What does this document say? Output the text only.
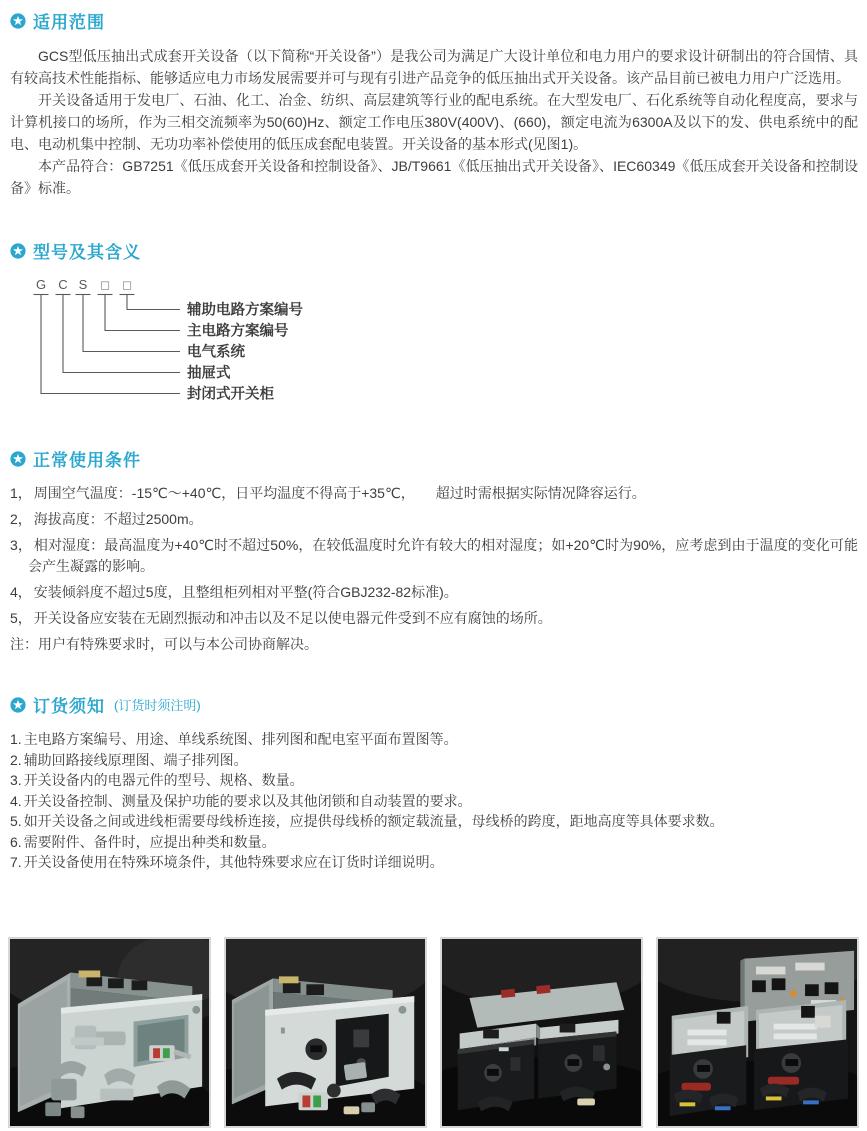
适用范围

GCS型低压抽出式成套开关设备（以下简称“开关设备”）是我公司为满足广大设计单位和电力用户的要求设计研制出的符合国情、具有较高技术性能指标、能够适应电力市场发展需要并可与现有引进产品竞争的低压抽出式开关设备。该产品目前已被电力用户广泛选用。

开关设备适用于发电厂、石油、化工、冶金、纺织、高层建筑等行业的配电系统。在大型发电厂、石化系统等自动化程度高，要求与计算机接口的场所，作为三相交流频率为50(60)Hz、额定工作电压380V(400V)、(660)，额定电流为6300A及以下的发、供电系统中的配电、电动机集中控制、无功功率补偿使用的低压成套配电装置。开关设备的基本形式(见图1)。

本产品符合：GB7251《低压成套开关设备和控制设备》、JB/T9661《低压抽出式开关设备》、IEC60349《低压成套开关设备和控制设备》标准。

型号及其含义
G C S □ □
辅助电路方案编号
主电路方案编号
电气系统
抽屉式
封闭式开关柜
正常使用条件
1， 周围空气温度：-15℃～+40℃，日平均温度不得高于+35℃，　　超过时需根据实际情况降容运行。
2， 海拔高度：不超过2500m。
3， 相对湿度：最高温度为+40℃时不超过50%，在较低温度时允许有较大的相对湿度；如+20℃时为90%，应考虑到由于温度的变化可能会产生凝露的影响。
4， 安装倾斜度不超过5度，且整组柜列相对平整(符合GBJ232-82标准)。
5， 开关设备应安装在无剧烈振动和冲击以及不足以使电器元件受到不应有腐蚀的场所。
注：用户有特殊要求时，可以与本公司协商解决。
订货须知 (订货时须注明)
1. 主电路方案编号、用途、单线系统图、排列图和配电室平面布置图等。
2. 辅助回路接线原理图、端子排列图。
3. 开关设备内的电器元件的型号、规格、数量。
4. 开关设备控制、测量及保护功能的要求以及其他闭锁和自动装置的要求。
5. 如开关设备之间或进线柜需要母线桥连接，应提供母线桥的额定载流量，母线桥的跨度，距地高度等具体要求数。
6. 需要附件、备件时，应提出种类和数量。
7. 开关设备使用在特殊环境条件，其他特殊要求应在订货时详细说明。
